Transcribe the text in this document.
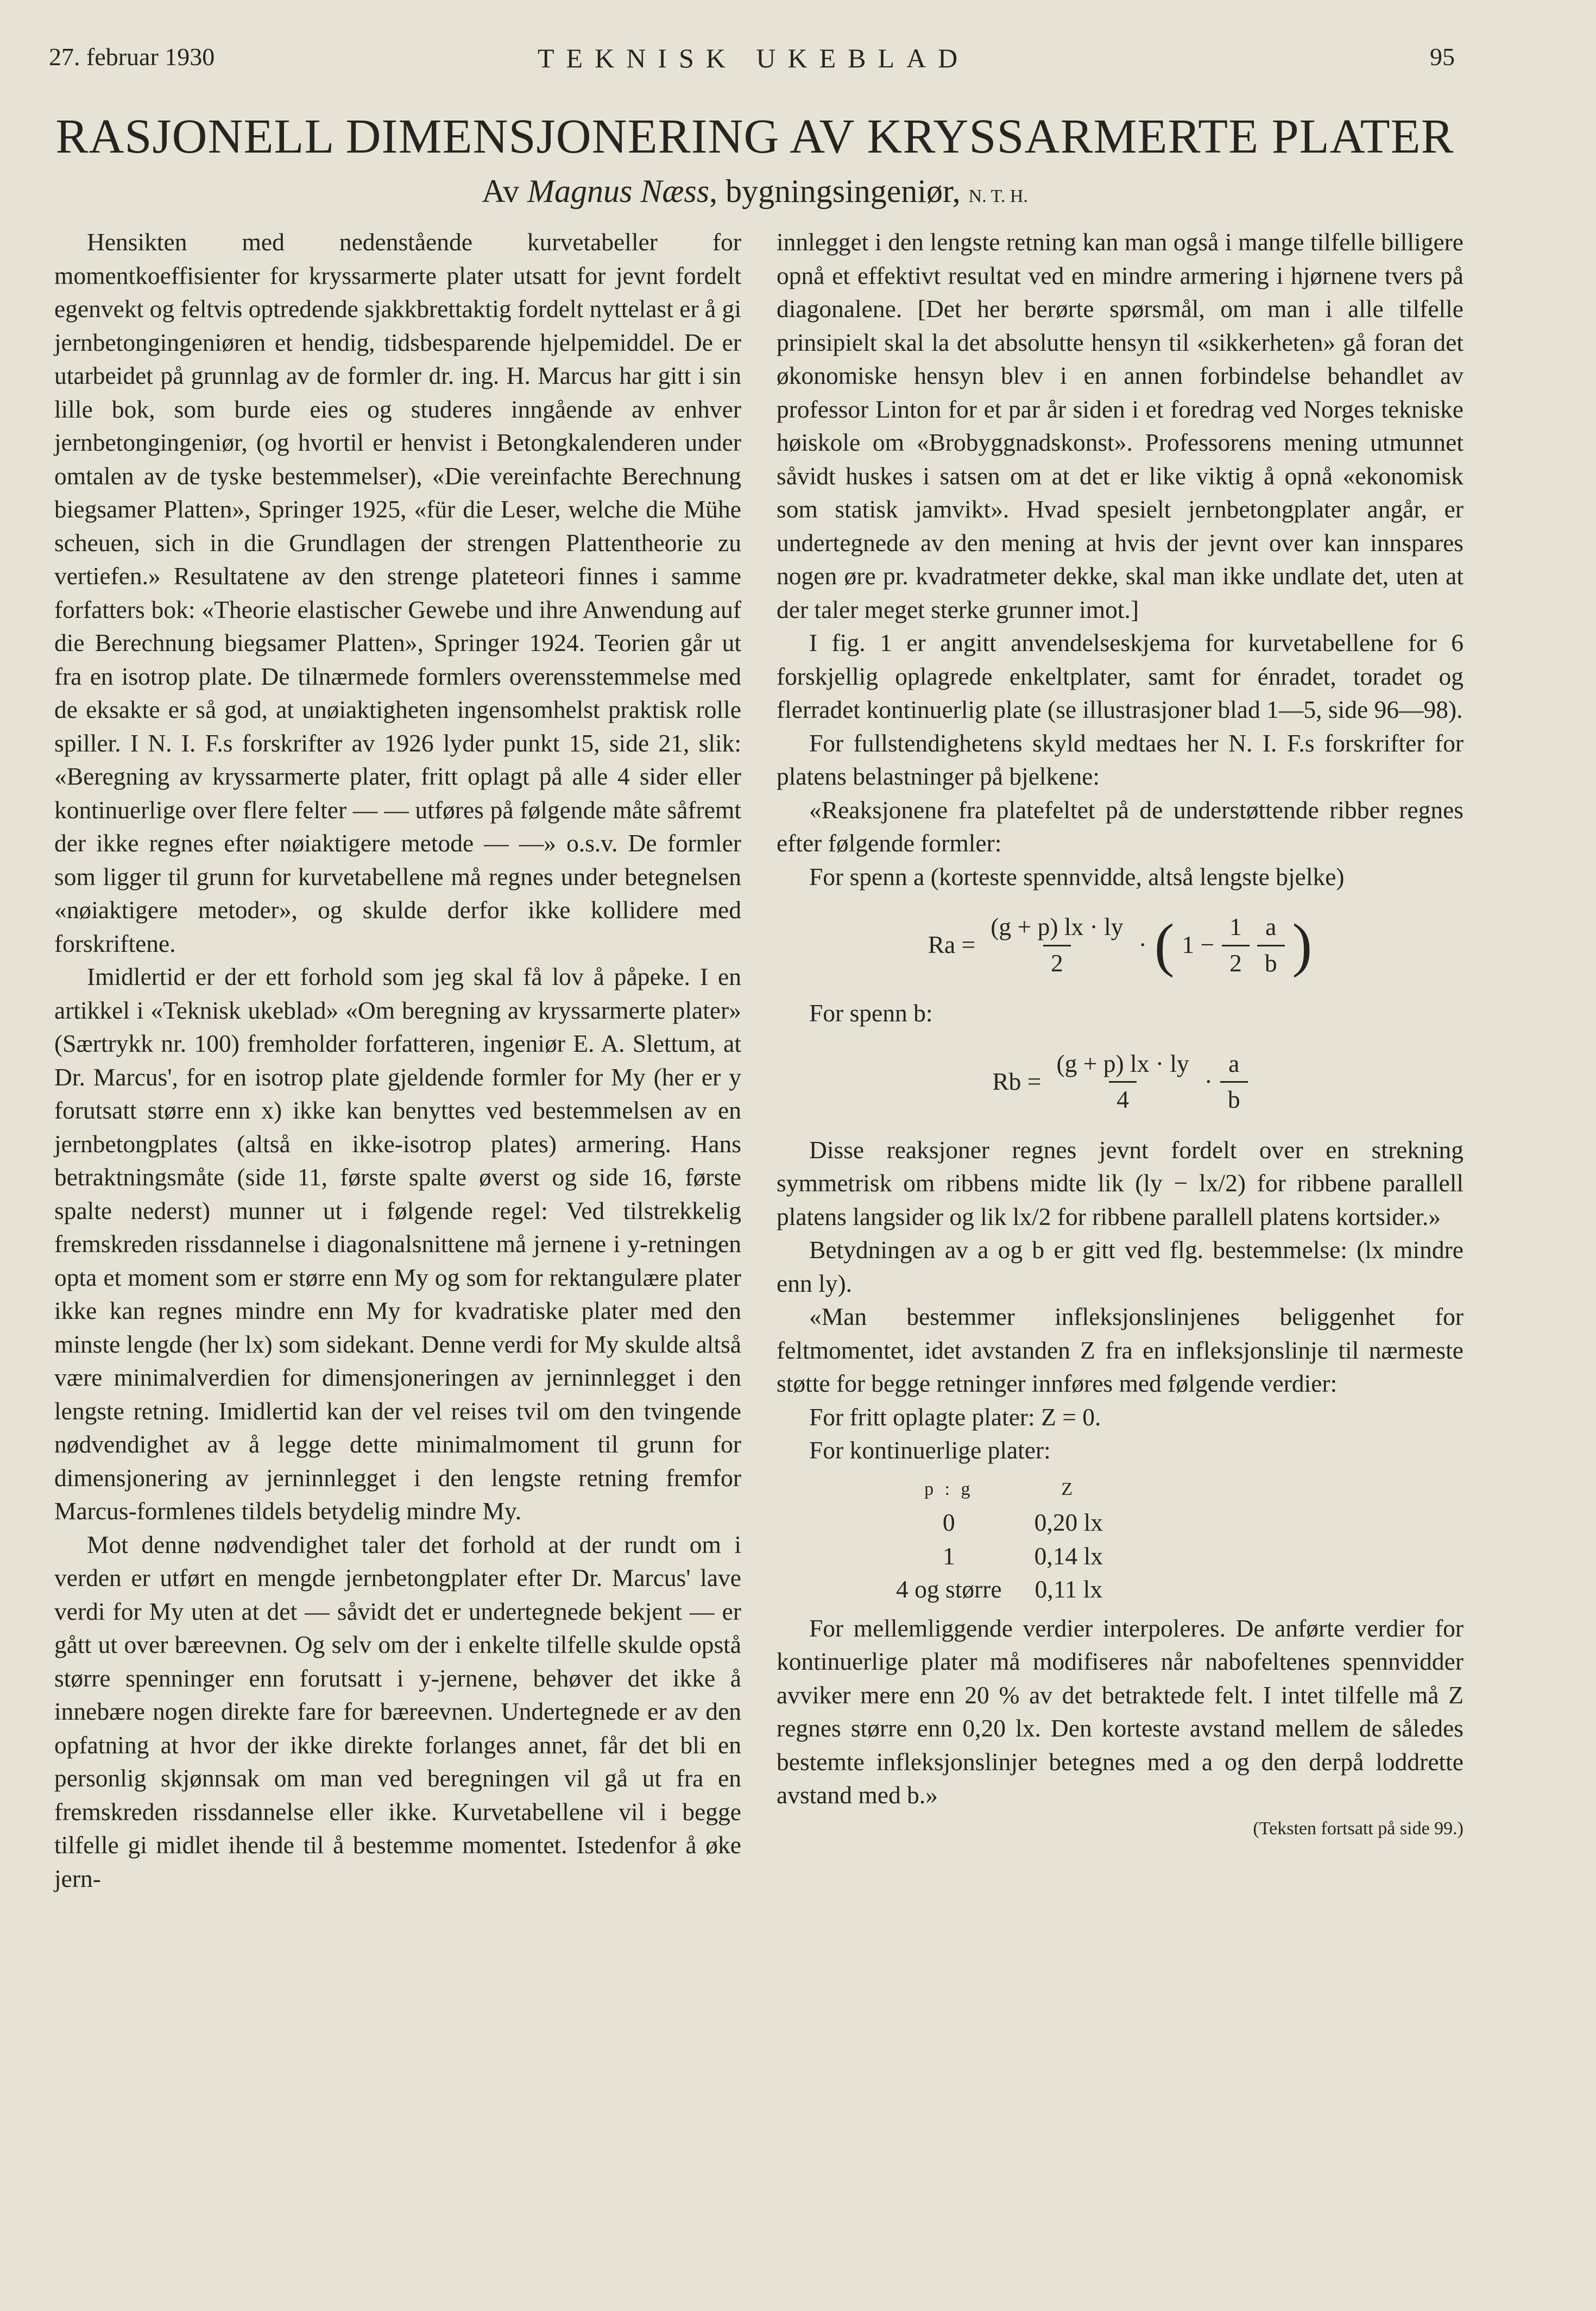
27. februar 1930	TEKNISK UKEBLAD	95
RASJONELL DIMENSJONERING AV KRYSSARMERTE PLATER
Av Magnus Næss, bygningsingeniør, N. T. H.

Hensikten med nedenstående kurvetabeller for momentkoeffisienter for kryssarmerte plater utsatt for jevnt fordelt egenvekt og feltvis optredende sjakkbrettaktig fordelt nyttelast er å gi jernbetongingeniøren et hendig, tidsbesparende hjelpemiddel. De er utarbeidet på grunnlag av de formler dr. ing. H. Marcus har gitt i sin lille bok, som burde eies og studeres inngående av enhver jernbetongingeniør, (og hvortil er henvist i Betongkalenderen under omtalen av de tyske bestemmelser), «Die vereinfachte Berechnung biegsamer Platten», Springer 1925, «für die Leser, welche die Mühe scheuen, sich in die Grundlagen der strengen Plattentheorie zu vertiefen.» Resultatene av den strenge plateteori finnes i samme forfatters bok: «Theorie elastischer Gewebe und ihre Anwendung auf die Berechnung biegsamer Platten», Springer 1924. Teorien går ut fra en isotrop plate. De tilnærmede formlers overensstemmelse med de eksakte er så god, at unøiaktigheten ingensomhelst praktisk rolle spiller. I N. I. F.s forskrifter av 1926 lyder punkt 15, side 21, slik: «Beregning av kryssarmerte plater, fritt oplagt på alle 4 sider eller kontinuerlige over flere felter — — utføres på følgende måte såfremt der ikke regnes efter nøiaktigere metode — —» o.s.v. De formler som ligger til grunn for kurvetabellene må regnes under betegnelsen «nøiaktigere metoder», og skulde derfor ikke kollidere med forskriftene.

Imidlertid er der ett forhold som jeg skal få lov å påpeke. I en artikkel i «Teknisk ukeblad» «Om beregning av kryssarmerte plater» (Særtrykk nr. 100) fremholder forfatteren, ingeniør E. A. Slettum, at Dr. Marcus', for en isotrop plate gjeldende formler for My (her er y forutsatt større enn x) ikke kan benyttes ved bestemmelsen av en jernbetongplates (altså en ikke-isotrop plates) armering. Hans betraktningsmåte (side 11, første spalte øverst og side 16, første spalte nederst) munner ut i følgende regel: Ved tilstrekkelig fremskreden rissdannelse i diagonalsnittene må jernene i y-retningen opta et moment som er større enn My og som for rektangulære plater ikke kan regnes mindre enn My for kvadratiske plater med den minste lengde (her lx) som sidekant. Denne verdi for My skulde altså være minimalverdien for dimensjoneringen av jerninnlegget i den lengste retning. Imidlertid kan der vel reises tvil om den tvingende nødvendighet av å legge dette minimalmoment til grunn for dimensjonering av jerninnlegget i den lengste retning fremfor Marcus-formlenes tildels betydelig mindre My.

Mot denne nødvendighet taler det forhold at der rundt om i verden er utført en mengde jernbetongplater efter Dr. Marcus' lave verdi for My uten at det — såvidt det er undertegnede bekjent — er gått ut over bæreevnen. Og selv om der i enkelte tilfelle skulde opstå større spenninger enn forutsatt i y-jernene, behøver det ikke å innebære nogen direkte fare for bæreevnen. Undertegnede er av den opfatning at hvor der ikke direkte forlanges annet, får det bli en personlig skjønnsak om man ved beregningen vil gå ut fra en fremskreden rissdannelse eller ikke. Kurvetabellene vil i begge tilfelle gi midlet ihende til å bestemme momentet. Istedenfor å øke jern-

innlegget i den lengste retning kan man også i mange tilfelle billigere opnå et effektivt resultat ved en mindre armering i hjørnene tvers på diagonalene. [Det her berørte spørsmål, om man i alle tilfelle prinsipielt skal la det absolutte hensyn til «sikkerheten» gå foran det økonomiske hensyn blev i en annen forbindelse behandlet av professor Linton for et par år siden i et foredrag ved Norges tekniske høiskole om «Brobyggnadskonst». Professorens mening utmunnet såvidt huskes i satsen om at det er like viktig å opnå «ekonomisk som statisk jamvikt». Hvad spesielt jernbetongplater angår, er undertegnede av den mening at hvis der jevnt over kan innspares nogen øre pr. kvadratmeter dekke, skal man ikke undlate det, uten at der taler meget sterke grunner imot.]

I fig. 1 er angitt anvendelseskjema for kurvetabellene for 6 forskjellig oplagrede enkeltplater, samt for énradet, toradet og flerradet kontinuerlig plate (se illustrasjoner blad 1—5, side 96—98).

For fullstendighetens skyld medtaes her N. I. F.s forskrifter for platens belastninger på bjelkene:

«Reaksjonene fra platefeltet på de understøttende ribber regnes efter følgende formler:

For spenn a (korteste spennvidde, altså lengste bjelke)

$Ra = \frac{(g + p) lx \cdot ly}{2}$ · ( $1 - \frac{1}{2} \frac{a}{b}$ )

For spenn b:

$Rb = \frac{(g + p) lx \cdot ly}{4} \cdot \frac{a}{b}$

Disse reaksjoner regnes jevnt fordelt over en strekning symmetrisk om ribbens midte lik (ly − lx/2) for ribbene parallell platens langsider og lik lx/2 for ribbene parallell platens kortsider.»

Betydningen av a og b er gitt ved flg. bestemmelse: (lx mindre enn ly).

«Man bestemmer infleksjonslinjenes beliggenhet for feltmomentet, idet avstanden Z fra en infleksjonslinje til nærmeste støtte for begge retninger innføres med følgende verdier:

For fritt oplagte plater: Z = 0.

For kontinuerlige plater:

p : g	Z
0	0,20 lx
1	0,14 lx
4 og større	0,11 lx

For mellemliggende verdier interpoleres. De anførte verdier for kontinuerlige plater må modifiseres når nabofeltenes spennvidder avviker mere enn 20 % av det betraktede felt. I intet tilfelle må Z regnes større enn 0,20 lx. Den korteste avstand mellem de således bestemte infleksjonslinjer betegnes med a og den derpå loddrette avstand med b.»

(Teksten fortsatt på side 99.)
